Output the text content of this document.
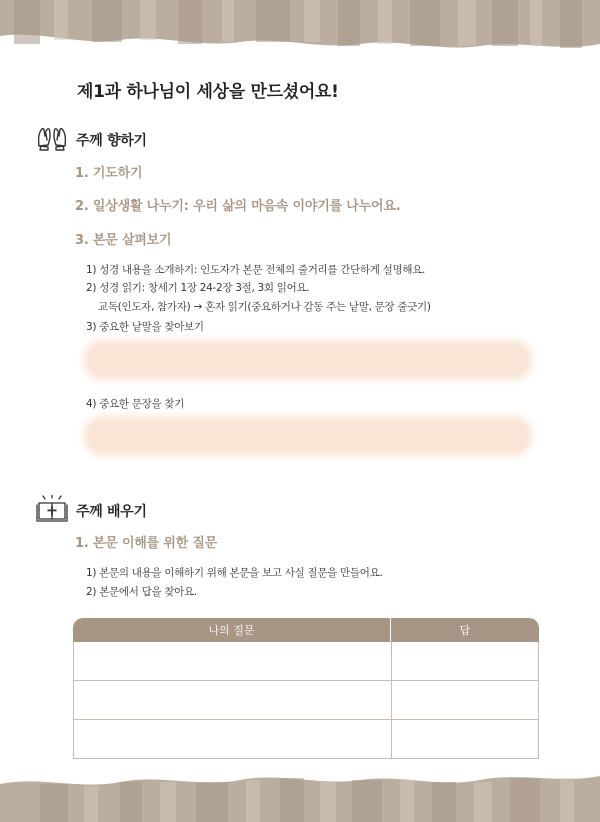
제1과 하나님이 세상을 만드셨어요!
주께 향하기
1. 기도하기
2. 일상생활 나누기: 우리 삶의 마음속 이야기를 나누어요.
3. 본문 살펴보기
1) 성경 내용을 소개하기: 인도자가 본문 전체의 줄거리를 간단하게 설명해요.
2) 성경 읽기: 창세기 1장 24-2장 3절, 3회 읽어요.
교독(인도자, 참가자) → 혼자 읽기(중요하거나 감동 주는 낱말, 문장 줄긋기)
3) 중요한 낱말을 찾아보기
4) 중요한 문장을 찾기
주께 배우기
1. 본문 이해를 위한 질문
1) 본문의 내용을 이해하기 위해 본문을 보고 사실 질문을 만들어요.
2) 본문에서 답을 찾아요.
나의 질문	답
